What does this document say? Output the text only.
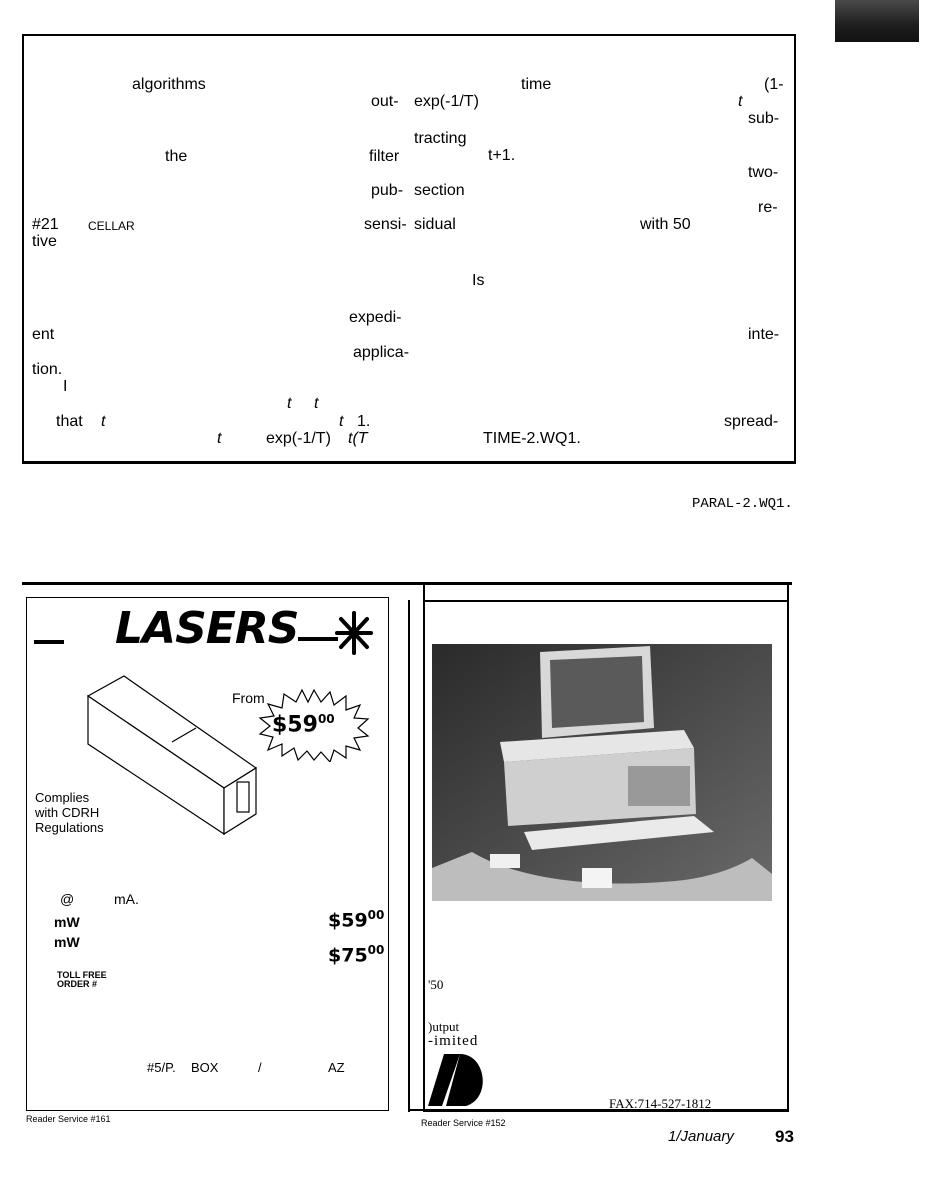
algorithms
out-
the	filter
pub-
#21 CELLAR	sensi-
tive
expedi-
ent
applica-
tion.
I
t t
that t	t 1.
t	exp(-1/T) t(T
time	(1-
exp(-1/T)	t
sub-
tracting
t+1.
two-
section
re-
sidual	with 50
Is
inte-
spread-
TIME-2.WQ1.
PARAL-2.WQ1.
LASERS
From
$\$59^{00}$
Complies
with CDRH
Regulations
@	mA.
mW	$\$59^{00}$
mW
$\$75^{00}$
TOLL FREE
ORDER #
#5/P. BOX	/	AZ
Reader Service #161
'50
)utput
-imited
FAX:714-527-1812
Reader Service #152
1/January 93
